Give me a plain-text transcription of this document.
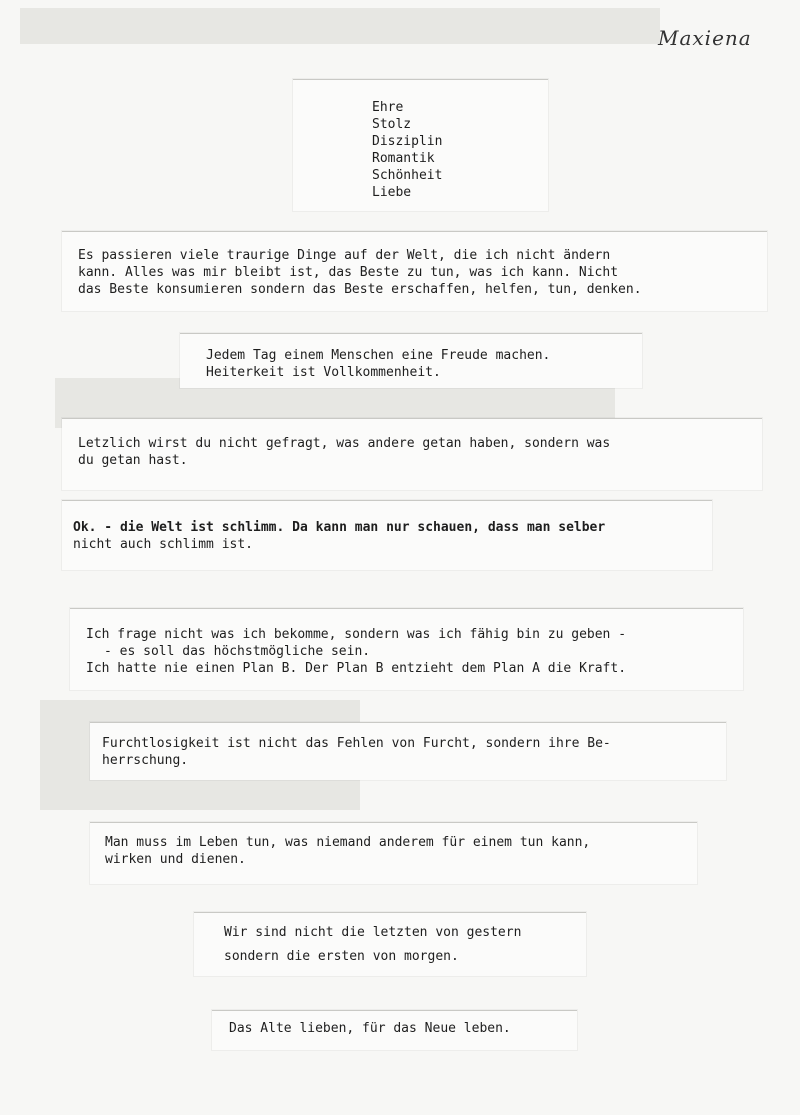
Maxiena
Ehre
Stolz
Disziplin
Romantik
Schönheit
Liebe
Es passieren viele traurige Dinge auf der Welt, die ich nicht ändern
kann. Alles was mir bleibt ist, das Beste zu tun, was ich kann. Nicht
das Beste konsumieren sondern das Beste erschaffen, helfen, tun, denken.
Jedem Tag einem Menschen eine Freude machen.
Heiterkeit ist Vollkommenheit.
Letzlich wirst du nicht gefragt, was andere getan haben, sondern was
du getan hast.
Ok. - die Welt ist schlimm. Da kann man nur schauen, dass man selber
nicht auch schlimm ist.
Ich frage nicht was ich bekomme, sondern was ich fähig bin zu geben -
- es soll das höchstmögliche sein.
Ich hatte nie einen Plan B. Der Plan B entzieht dem Plan A die Kraft.
Furchtlosigkeit ist nicht das Fehlen von Furcht, sondern ihre Be-
herrschung.
Man muss im Leben tun, was niemand anderem für einem tun kann,
wirken und dienen.
Wir sind nicht die letzten von gestern
sondern die ersten von morgen.
Das Alte lieben, für das Neue leben.
